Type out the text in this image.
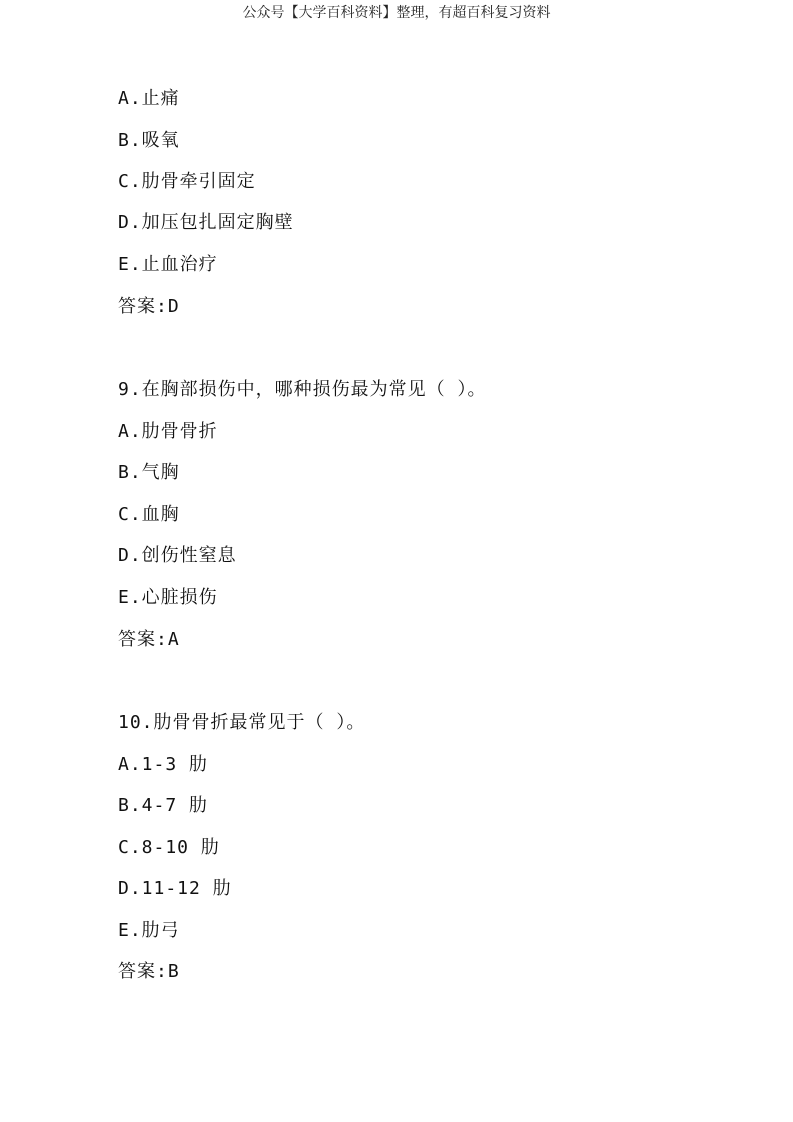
公众号【大学百科资料】整理，有超百科复习资料
A.止痛
B.吸氧
C.肋骨牵引固定
D.加压包扎固定胸壁
E.止血治疗
答案:D
9.在胸部损伤中，哪种损伤最为常见（ ）。
A.肋骨骨折
B.气胸
C.血胸
D.创伤性窒息
E.心脏损伤
答案:A
10.肋骨骨折最常见于（ ）。
A.1-3 肋
B.4-7 肋
C.8-10 肋
D.11-12 肋
E.肋弓
答案:B
